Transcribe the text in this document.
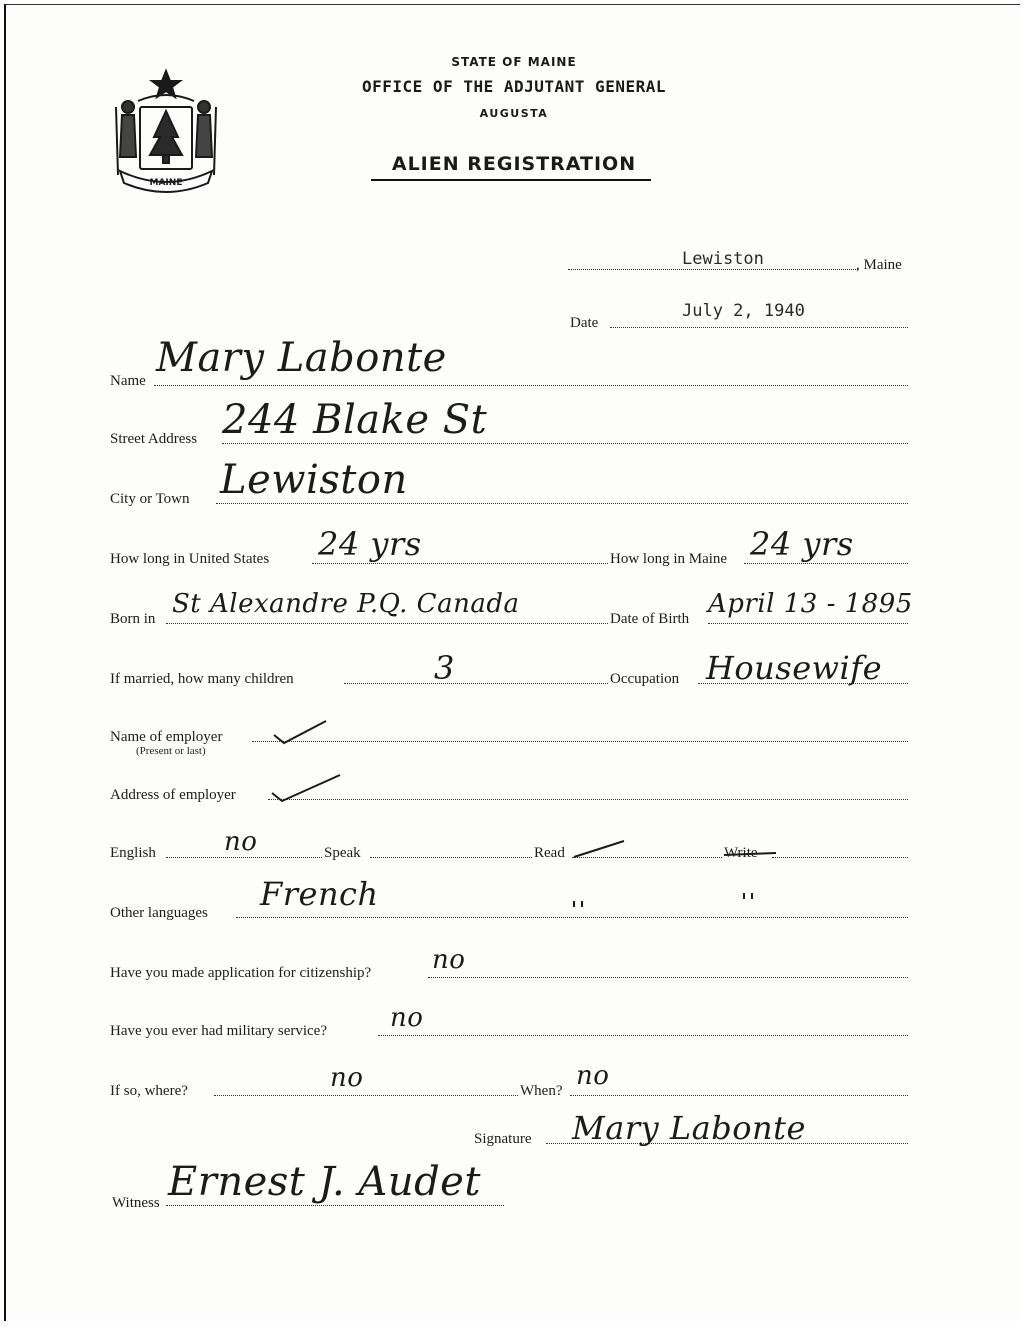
MAINE
STATE OF MAINE
OFFICE OF THE ADJUTANT GENERAL
AUGUSTA
ALIEN REGISTRATION
Lewiston	, Maine
Date
July 2, 1940
Name Mary Labonte
Street Address 244 Blake St
City or Town Lewiston
How long in United States 24 yrs	How long in Maine 24 yrs
Born in St Alexandre P.Q. Canada	Date of Birth April 13 - 1895
If married, how many children	3	Occupation Housewife
Name of employer
(Present or last)
Address of employer
English	no	Speak	Read	Write
Other languages French
Have you made application for citizenship? no
Have you ever had military service? no
If so, where?	no	When? no
Signature Mary Labonte
Witness Ernest J. Audet
